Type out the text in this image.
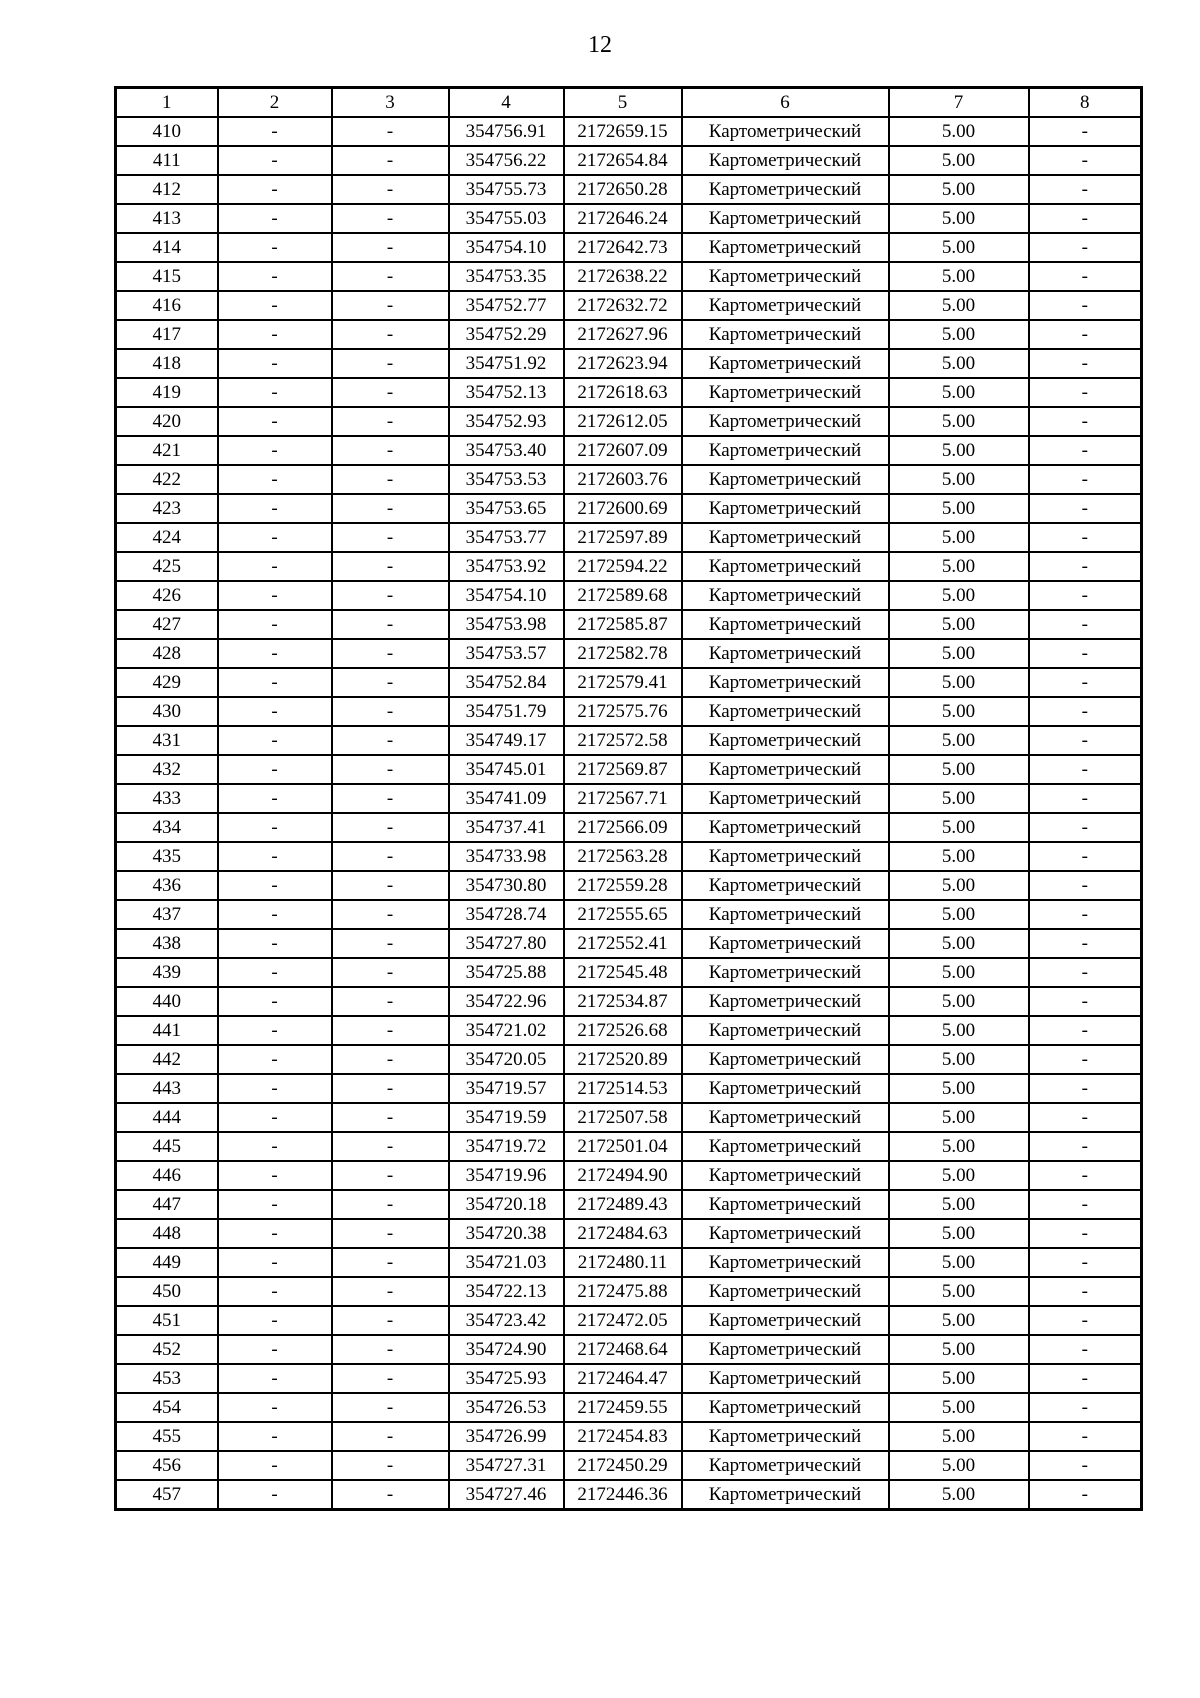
12
1	2	3	4	5	6	7	8
410	-	-	354756.91	2172659.15	Картометрический	5.00	-
411	-	-	354756.22	2172654.84	Картометрический	5.00	-
412	-	-	354755.73	2172650.28	Картометрический	5.00	-
413	-	-	354755.03	2172646.24	Картометрический	5.00	-
414	-	-	354754.10	2172642.73	Картометрический	5.00	-
415	-	-	354753.35	2172638.22	Картометрический	5.00	-
416	-	-	354752.77	2172632.72	Картометрический	5.00	-
417	-	-	354752.29	2172627.96	Картометрический	5.00	-
418	-	-	354751.92	2172623.94	Картометрический	5.00	-
419	-	-	354752.13	2172618.63	Картометрический	5.00	-
420	-	-	354752.93	2172612.05	Картометрический	5.00	-
421	-	-	354753.40	2172607.09	Картометрический	5.00	-
422	-	-	354753.53	2172603.76	Картометрический	5.00	-
423	-	-	354753.65	2172600.69	Картометрический	5.00	-
424	-	-	354753.77	2172597.89	Картометрический	5.00	-
425	-	-	354753.92	2172594.22	Картометрический	5.00	-
426	-	-	354754.10	2172589.68	Картометрический	5.00	-
427	-	-	354753.98	2172585.87	Картометрический	5.00	-
428	-	-	354753.57	2172582.78	Картометрический	5.00	-
429	-	-	354752.84	2172579.41	Картометрический	5.00	-
430	-	-	354751.79	2172575.76	Картометрический	5.00	-
431	-	-	354749.17	2172572.58	Картометрический	5.00	-
432	-	-	354745.01	2172569.87	Картометрический	5.00	-
433	-	-	354741.09	2172567.71	Картометрический	5.00	-
434	-	-	354737.41	2172566.09	Картометрический	5.00	-
435	-	-	354733.98	2172563.28	Картометрический	5.00	-
436	-	-	354730.80	2172559.28	Картометрический	5.00	-
437	-	-	354728.74	2172555.65	Картометрический	5.00	-
438	-	-	354727.80	2172552.41	Картометрический	5.00	-
439	-	-	354725.88	2172545.48	Картометрический	5.00	-
440	-	-	354722.96	2172534.87	Картометрический	5.00	-
441	-	-	354721.02	2172526.68	Картометрический	5.00	-
442	-	-	354720.05	2172520.89	Картометрический	5.00	-
443	-	-	354719.57	2172514.53	Картометрический	5.00	-
444	-	-	354719.59	2172507.58	Картометрический	5.00	-
445	-	-	354719.72	2172501.04	Картометрический	5.00	-
446	-	-	354719.96	2172494.90	Картометрический	5.00	-
447	-	-	354720.18	2172489.43	Картометрический	5.00	-
448	-	-	354720.38	2172484.63	Картометрический	5.00	-
449	-	-	354721.03	2172480.11	Картометрический	5.00	-
450	-	-	354722.13	2172475.88	Картометрический	5.00	-
451	-	-	354723.42	2172472.05	Картометрический	5.00	-
452	-	-	354724.90	2172468.64	Картометрический	5.00	-
453	-	-	354725.93	2172464.47	Картометрический	5.00	-
454	-	-	354726.53	2172459.55	Картометрический	5.00	-
455	-	-	354726.99	2172454.83	Картометрический	5.00	-
456	-	-	354727.31	2172450.29	Картометрический	5.00	-
457	-	-	354727.46	2172446.36	Картометрический	5.00	-
